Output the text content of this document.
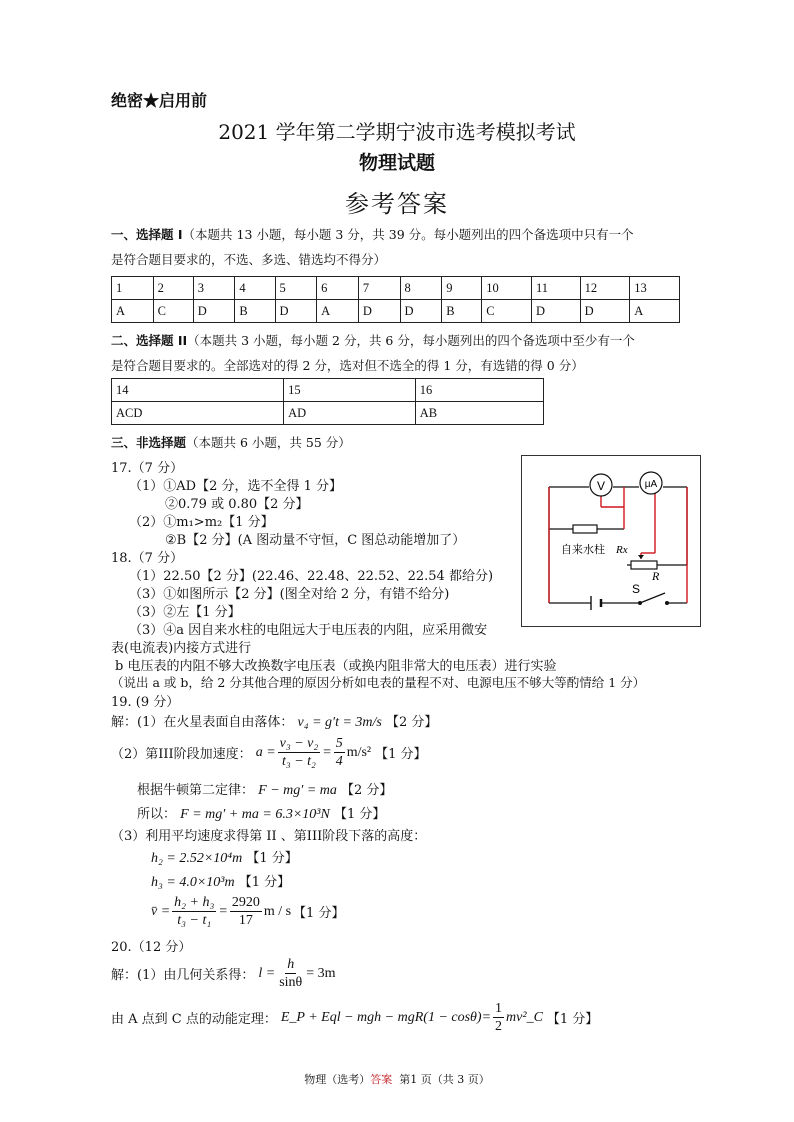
绝密★启用前
2021 学年第二学期宁波市选考模拟考试
物理试题
参考答案
一、选择题 I（本题共 13 小题，每小题 3 分，共 39 分。每小题列出的四个备选项中只有一个
是符合题目要求的，不选、多选、错选均不得分）
1	2	3	4	5	6	7	8	9	10	11	12	13
A	C	D	B	D	A	D	D	B	C	D	D	A
二、选择题 II（本题共 3 小题，每小题 2 分，共 6 分，每小题列出的四个备选项中至少有一个
是符合题目要求的。全部选对的得 2 分，选对但不选全的得 1 分，有选错的得 0 分）
14	15	16
ACD	AD	AB
三、非选择题（本题共 6 小题，共 55 分）
17.（7 分）
（1）①AD【2 分，选不全得 1 分】
②0.79 或 0.80【2 分】
（2）①m₁>m₂【1 分】
②B【2 分】(A 图动量不守恒，C 图总动能增加了）
18.（7 分）
（1）22.50【2 分】(22.46、22.48、22.52、22.54 都给分)
（3）①如图所示【2 分】(图全对给 2 分，有错不给分)
（3）②左【1 分】
（3）④a 因自来水柱的电阻远大于电压表的内阻，应采用微安
表(电流表)内接方式进行
b 电压表的内阻不够大改换数字电压表（或换内阻非常大的电压表）进行实验
（说出 a 或 b，给 2 分其他合理的原因分析如电表的量程不对、电源电压不够大等酌情给 1 分）
V	μA
自来水柱 Rx
R
S
19. (9 分）
解：(1）在火星表面自由落体： v₄ = g′t = 3m/s 【2 分】
（2）第III阶段加速度： $a = \frac{\text{v₃ − v₂}}{\text{t₃ − t₂}} = \frac{5}{4} m/s^2$ 【1 分】
根据牛顿第二定律： F − mg′ = ma 【2 分】
所以： F = mg′ + ma = 6.3×10³N 【1 分】
（3）利用平均速度求得第 II 、第III阶段下落的高度：
h₂ = 2.52×10⁴m 【1 分】
h₃ = 4.0×10³m 【1 分】
v̄ = $\frac{\text{h₂ + h₃}}{\text{t₃ − t₁}} = \frac{2920}{17}$ m / s 【1 分】
20.（12 分）
解：(1）由几何关系得： $l = \frac{h}{\sin\theta} = 3m$
由 A 点到 C 点的动能定理： E_P + Eql − mgh − $mgR(1 - \cos\theta)= \frac{1}{2}$ mv²_C 【1 分】
物理（选考）答案 第1 页（共 3 页）
